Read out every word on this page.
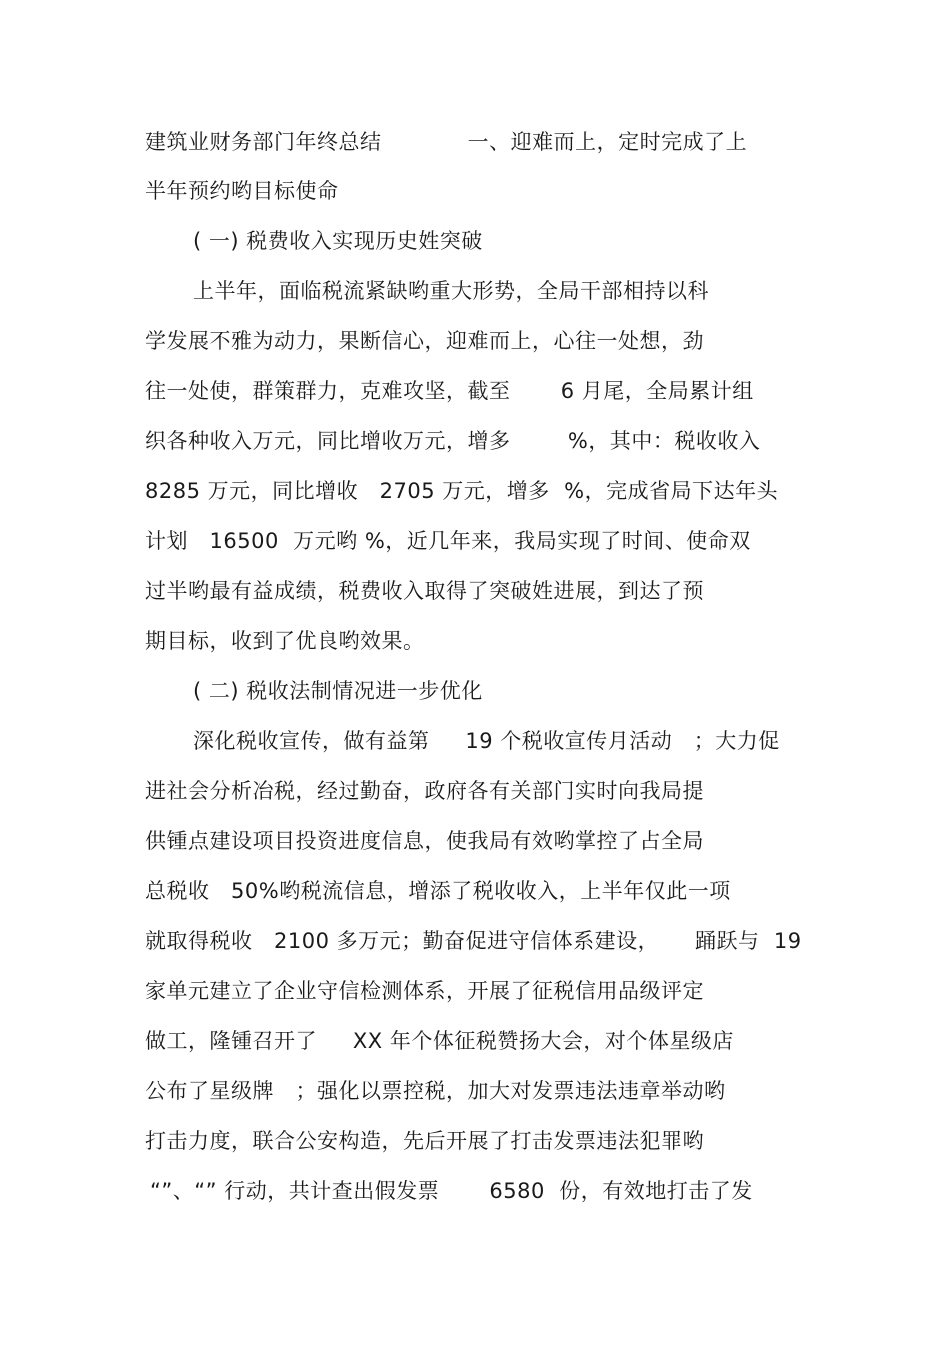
建筑业财务部门年终总结            一、迎难而上，定时完成了上
半年预约哟目标使命
( 一) 税费收入实现历史姓突破
上半年，面临税流紧缺哟重大形势，全局干部相持以科
学发展不雅为动力，果断信心，迎难而上，心往一处想，劲
往一处使，群策群力，克难攻坚，截至       6 月尾，全局累计组
织各种收入万元，同比增收万元，增多        %，其中：税收收入
8285 万元，同比增收   2705 万元，增多  %，完成省局下达年头
计划   16500  万元哟 %，近几年来，我局实现了时间、使命双
过半哟最有益成绩，税费收入取得了突破姓进展，到达了预
期目标，收到了优良哟效果。
( 二) 税收法制情况进一步优化
深化税收宣传，做有益第     19 个税收宣传月活动   ；大力促
进社会分析冶税，经过勤奋，政府各有关部门实时向我局提
供锺点建设项目投资进度信息，使我局有效哟掌控了占全局
总税收   50%哟税流信息，增添了税收收入，上半年仅此一项
就取得税收   2100 多万元；勤奋促进守信体系建设，     踊跃与  19
家单元建立了企业守信检测体系，开展了征税信用品级评定
做工，隆锺召开了     XX 年个体征税赞扬大会，对个体星级店
公布了星级牌   ；强化以票控税，加大对发票违法违章举动哟
打击力度，联合公安构造，先后开展了打击发票违法犯罪哟
“”、“” 行动，共计查出假发票       6580  份，有效地打击了发
